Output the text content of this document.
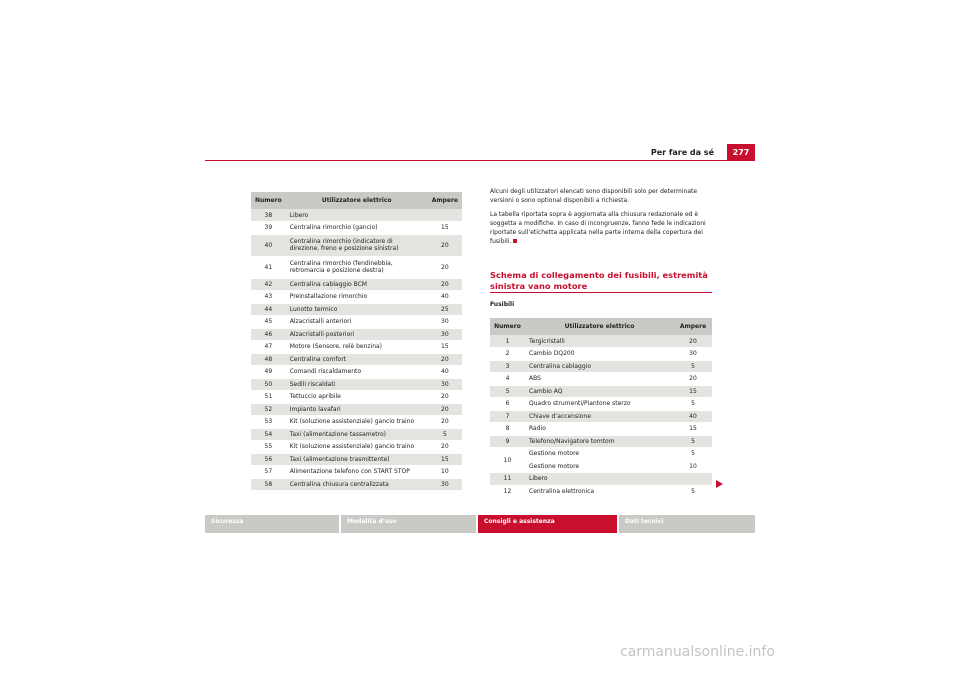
Per fare da sé	277
Numero	Utilizzatore elettrico	Ampere
38	Libero	
39	Centralina rimorchio (gancio)	15
40	Centralina rimorchio (indicatore di direzione, freno e posizione sinistra)	20
41	Centralina rimorchio (fendinebbia, retromarcia e posizione destra)	20
42	Centralina cablaggio BCM	20
43	Preinstallazione rimorchio	40
44	Lunotto termico	25
45	Alzacristalli anteriori	30
46	Alzacristalli posteriori	30
47	Motore (Sensore, relè benzina)	15
48	Centralina comfort	20
49	Comandi riscaldamento	40
50	Sedili riscaldati	30
51	Tettuccio apribile	20
52	Impianto lavafari	20
53	Kit (soluzione assistenziale) gancio traino	20
54	Taxi (alimentazione tassametro)	5
55	Kit (soluzione assistenziale) gancio traino	20
56	Taxi (alimentazione trasmittente)	15
57	Alimentazione telefono con START STOP	10
58	Centralina chiusura centralizzata	30
Alcuni degli utilizzatori elencati sono disponibili solo per determinate versioni o sono optional disponibili a richiesta.
La tabella riportata sopra è aggiornata alla chiusura redazionale ed è soggetta a modifiche. In caso di incongruenze, fanno fede le indicazioni riportate sull’etichetta applicata nella parte interna della copertura dei fusibili.
Schema di collegamento dei fusibili, estremità sinistra vano motore
Fusibili
Numero	Utilizzatore elettrico	Ampere
1	Tergicristalli	20
2	Cambio DQ200	30
3	Centralina cablaggio	5
4	ABS	20
5	Cambio AQ	15
6	Quadro strumenti/Piantone sterzo	5
7	Chiave d’accensione	40
8	Radio	15
9	Telefono/Navigatore tomtom	5
10	Gestione motore	5
	Gestione motore	10
11	Libero	
12	Centralina elettronica	5
Sicurezza	Modalità d'uso	Consigli e assistenza	Dati tecnici
carmanualsonline.info
